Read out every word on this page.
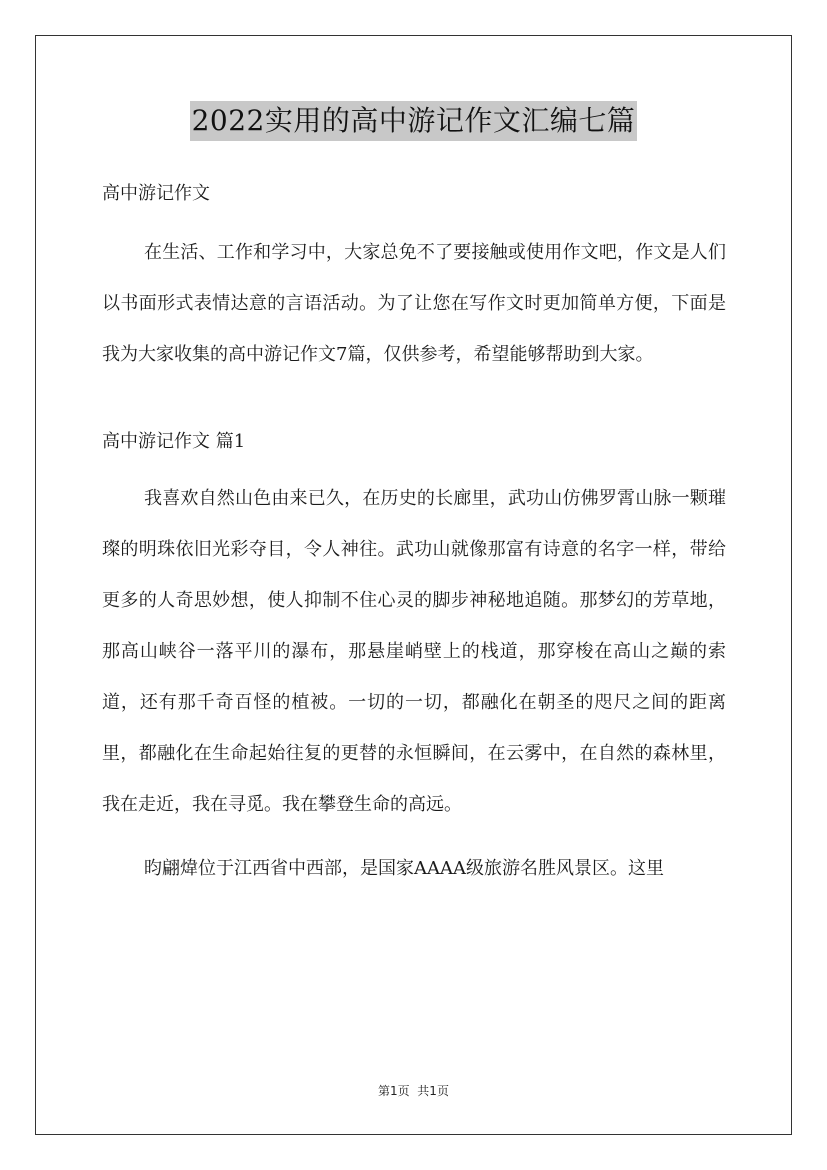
2022实用的高中游记作文汇编七篇

高中游记作文

在生活、工作和学习中，大家总免不了要接触或使用作文吧，作文是人们以书面形式表情达意的言语活动。为了让您在写作文时更加简单方便，下面是我为大家收集的高中游记作文7篇，仅供参考，希望能够帮助到大家。

高中游记作文 篇1

我喜欢自然山色由来已久，在历史的长廊里，武功山仿佛罗霄山脉一颗璀璨的明珠依旧光彩夺目，令人神往。武功山就像那富有诗意的名字一样，带给更多的人奇思妙想，使人抑制不住心灵的脚步神秘地追随。那梦幻的芳草地，那高山峡谷一落平川的瀑布，那悬崖峭壁上的栈道，那穿梭在高山之巅的索道，还有那千奇百怪的植被。一切的一切，都融化在朝圣的咫尺之间的距离里，都融化在生命起始往复的更替的永恒瞬间，在云雾中，在自然的森林里，我在走近，我在寻觅。我在攀登生命的高远。

昀翩煒位于江西省中西部，是国家AAAA级旅游名胜风景区。这里

第1页  共1页
